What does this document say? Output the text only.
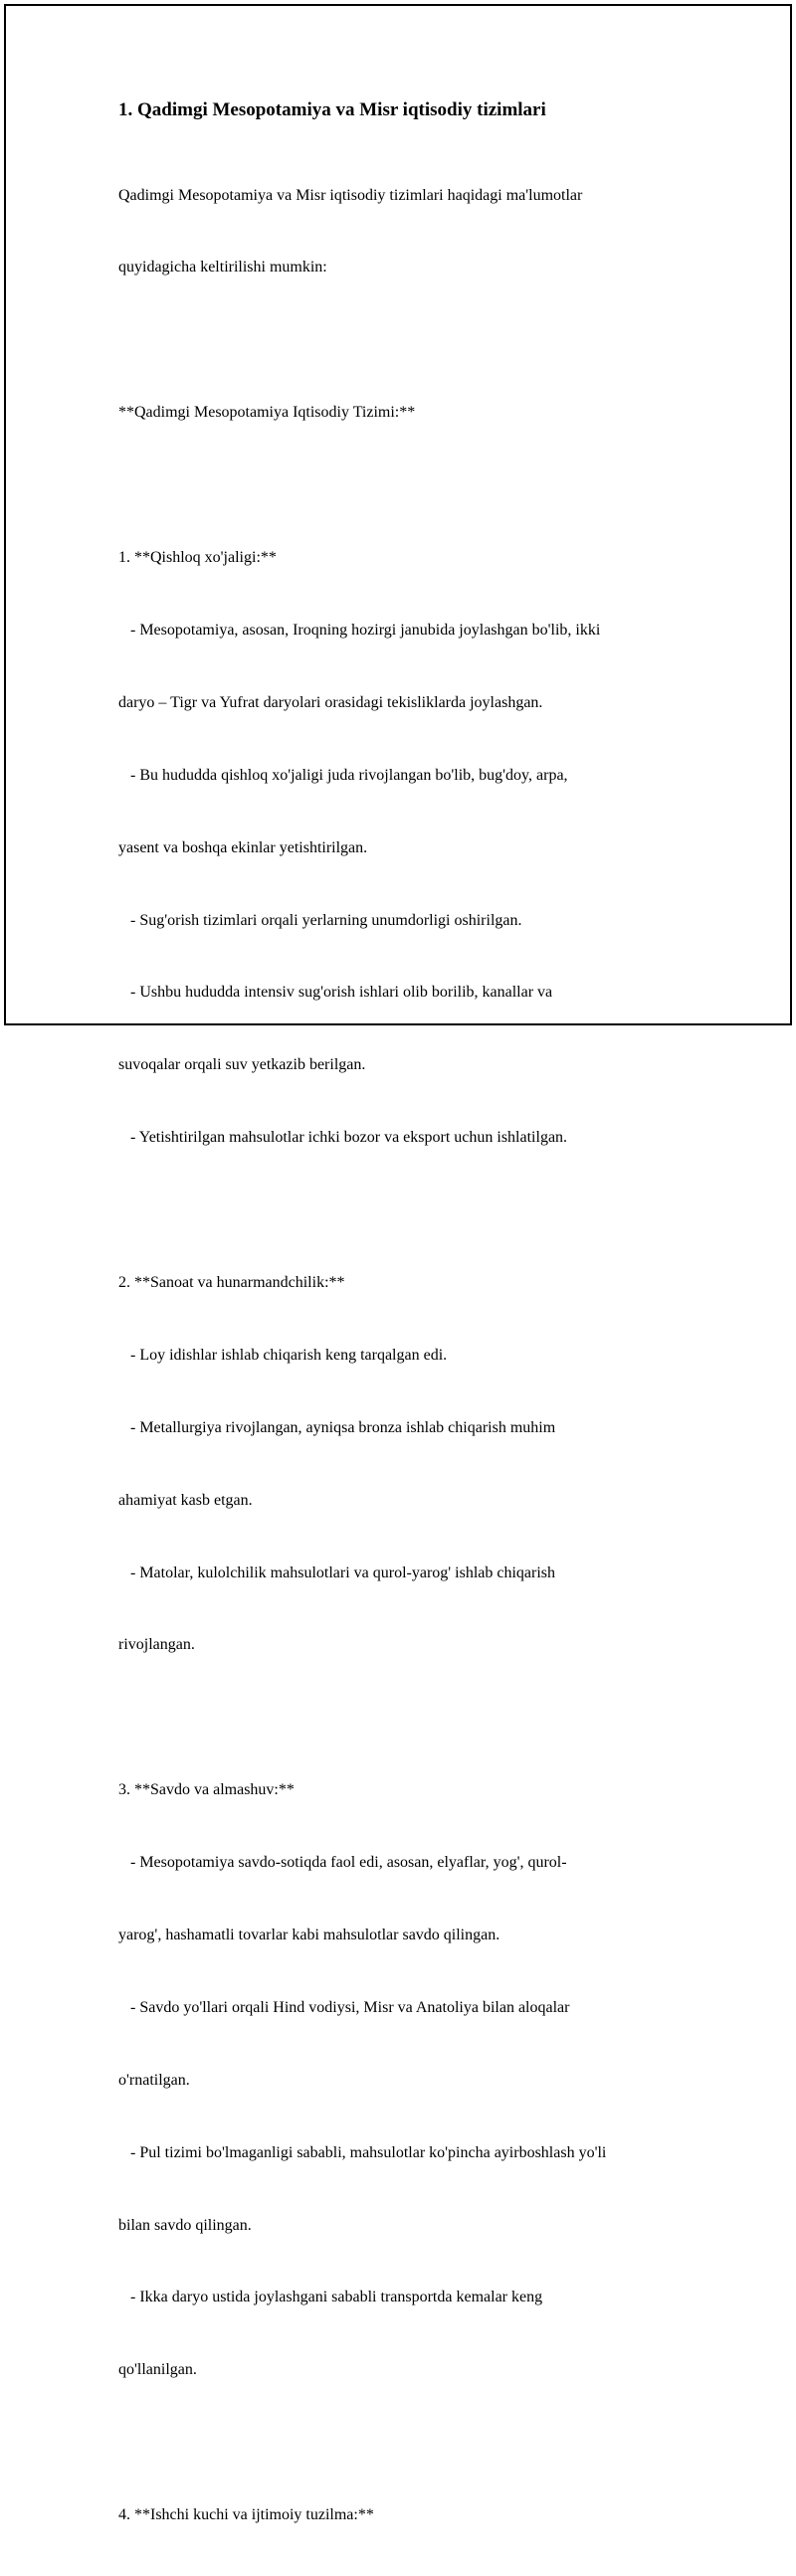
1. Qadimgi Mesopotamiya va Misr iqtisodiy tizimlari

Qadimgi Mesopotamiya va Misr iqtisodiy tizimlari haqidagi ma'lumotlar

quyidagicha keltirilishi mumkin:

**Qadimgi Mesopotamiya Iqtisodiy Tizimi:**

1. **Qishloq xo'jaligi:**

- Mesopotamiya, asosan, Iroqning hozirgi janubida joylashgan bo'lib, ikki

daryo – Tigr va Yufrat daryolari orasidagi tekisliklarda joylashgan.

- Bu hududda qishloq xo'jaligi juda rivojlangan bo'lib, bug'doy, arpa,

yasent va boshqa ekinlar yetishtirilgan.

- Sug'orish tizimlari orqali yerlarning unumdorligi oshirilgan.

- Ushbu hududda intensiv sug'orish ishlari olib borilib, kanallar va

suvoqalar orqali suv yetkazib berilgan.

- Yetishtirilgan mahsulotlar ichki bozor va eksport uchun ishlatilgan.

2. **Sanoat va hunarmandchilik:**

- Loy idishlar ishlab chiqarish keng tarqalgan edi.

- Metallurgiya rivojlangan, ayniqsa bronza ishlab chiqarish muhim

ahamiyat kasb etgan.

- Matolar, kulolchilik mahsulotlari va qurol-yarog' ishlab chiqarish

rivojlangan.

3. **Savdo va almashuv:**

- Mesopotamiya savdo-sotiqda faol edi, asosan, elyaflar, yog', qurol-

yarog', hashamatli tovarlar kabi mahsulotlar savdo qilingan.

- Savdo yo'llari orqali Hind vodiysi, Misr va Anatoliya bilan aloqalar

o'rnatilgan.

- Pul tizimi bo'lmaganligi sababli, mahsulotlar ko'pincha ayirboshlash yo'li

bilan savdo qilingan.

- Ikka daryo ustida joylashgani sababli transportda kemalar keng

qo'llanilgan.

4. **Ishchi kuchi va ijtimoiy tuzilma:**
